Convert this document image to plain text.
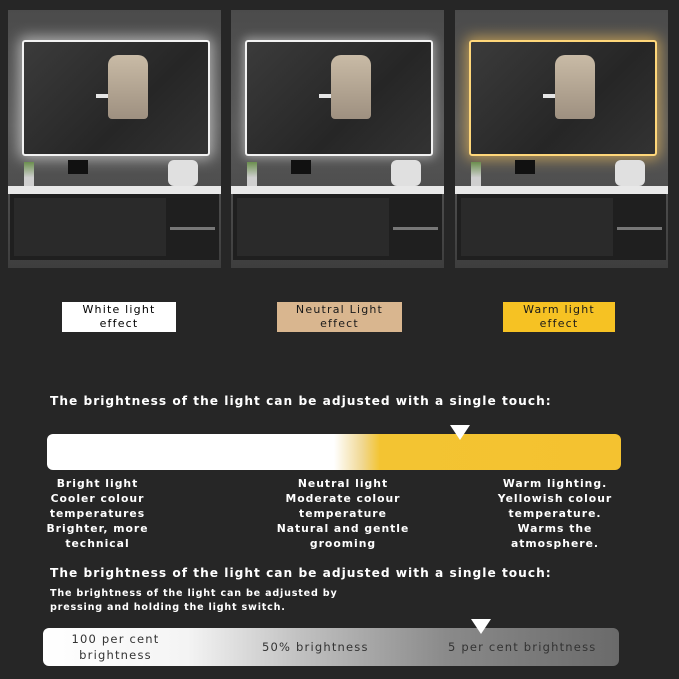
White light effect
Neutral Light effect
Warm light effect
The brightness of the light can be adjusted with a single touch:
Bright light
Cooler colour
temperatures
Brighter, more
technical
Neutral light
Moderate colour
temperature
Natural and gentle
grooming
Warm lighting.
Yellowish colour
temperature.
Warms the
atmosphere.
The brightness of the light can be adjusted with a single touch:
The brightness of the light can be adjusted by
pressing and holding the light switch.
100 per cent
brightness
50% brightness	5 per cent brightness
